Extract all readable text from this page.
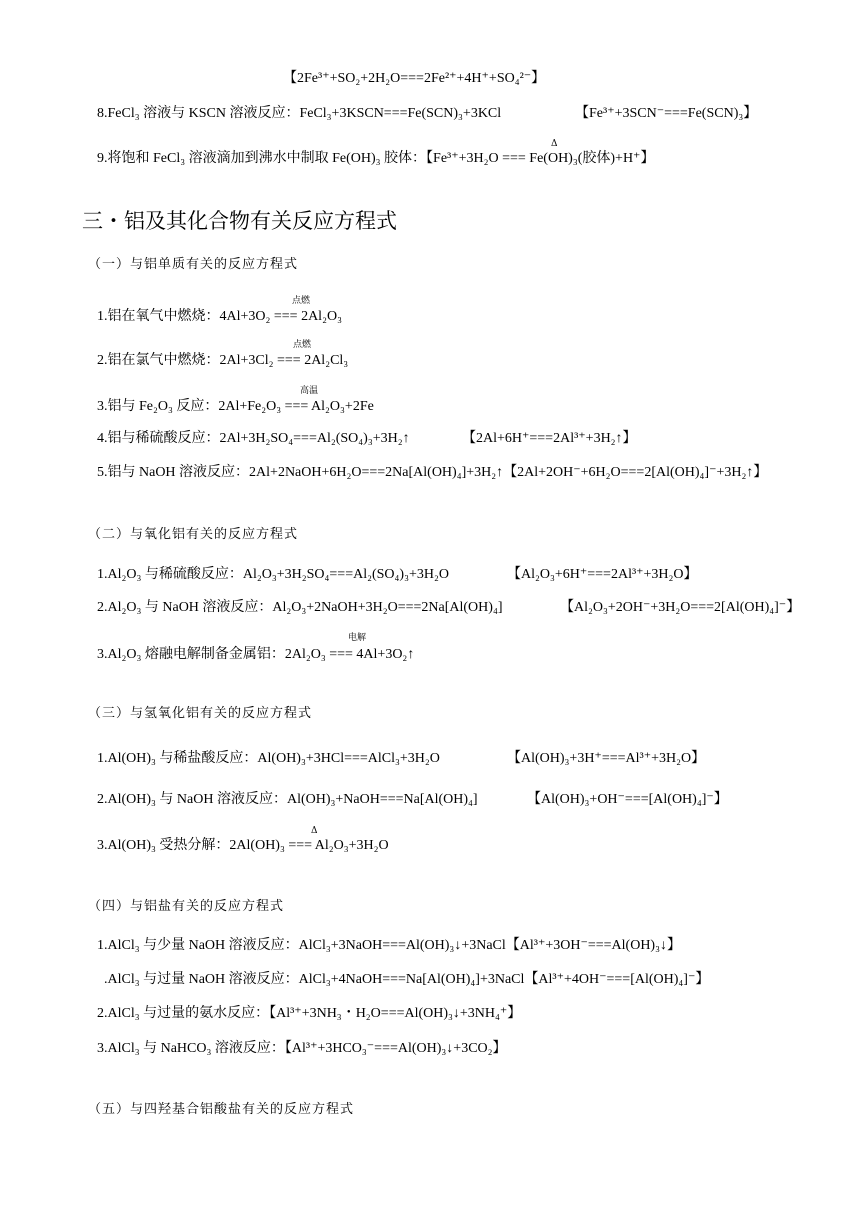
【2Fe³⁺+SO₂+2H₂O===2Fe²⁺+4H⁺+SO₄²⁻】
8.FeCl₃ 溶液与 KSCN 溶液反应：FeCl₃+3KSCN===Fe(SCN)₃+3KCl	【Fe³⁺+3SCN⁻===Fe(SCN)₃】
Δ
9.将饱和 FeCl₃ 溶液滴加到沸水中制取 Fe(OH)₃ 胶体：【Fe³⁺+3H₂O === Fe(OH)₃(胶体)+H⁺】
三・铝及其化合物有关反应方程式
（一）与铝单质有关的反应方程式
点燃
1.铝在氧气中燃烧：4Al+3O₂ === 2Al₂O₃
点燃
2.铝在氯气中燃烧：2Al+3Cl₂ === 2Al₂Cl₃
高温
3.铝与 Fe₂O₃ 反应：2Al+Fe₂O₃ === Al₂O₃+2Fe
4.铝与稀硫酸反应：2Al+3H₂SO₄===Al₂(SO₄)₃+3H₂↑	【2Al+6H⁺===2Al³⁺+3H₂↑】
5.铝与 NaOH 溶液反应：2Al+2NaOH+6H₂O===2Na[Al(OH)₄]+3H₂↑【2Al+2OH⁻+6H₂O===2[Al(OH)₄]⁻+3H₂↑】
（二）与氧化铝有关的反应方程式
1.Al₂O₃ 与稀硫酸反应：Al₂O₃+3H₂SO₄===Al₂(SO₄)₃+3H₂O	【Al₂O₃+6H⁺===2Al³⁺+3H₂O】
2.Al₂O₃ 与 NaOH 溶液反应：Al₂O₃+2NaOH+3H₂O===2Na[Al(OH)₄]	【Al₂O₃+2OH⁻+3H₂O===2[Al(OH)₄]⁻】
电解
3.Al₂O₃ 熔融电解制备金属铝：2Al₂O₃ === 4Al+3O₂↑
（三）与氢氧化铝有关的反应方程式
1.Al(OH)₃ 与稀盐酸反应：Al(OH)₃+3HCl===AlCl₃+3H₂O	【Al(OH)₃+3H⁺===Al³⁺+3H₂O】
2.Al(OH)₃ 与 NaOH 溶液反应：Al(OH)₃+NaOH===Na[Al(OH)₄]	【Al(OH)₃+OH⁻===[Al(OH)₄]⁻】
Δ
3.Al(OH)₃ 受热分解：2Al(OH)₃ === Al₂O₃+3H₂O
（四）与铝盐有关的反应方程式
1.AlCl₃ 与少量 NaOH 溶液反应：AlCl₃+3NaOH===Al(OH)₃↓+3NaCl【Al³⁺+3OH⁻===Al(OH)₃↓】
.AlCl₃ 与过量 NaOH 溶液反应：AlCl₃+4NaOH===Na[Al(OH)₄]+3NaCl【Al³⁺+4OH⁻===[Al(OH)₄]⁻】
2.AlCl₃ 与过量的氨水反应：【Al³⁺+3NH₃・H₂O===Al(OH)₃↓+3NH₄⁺】
3.AlCl₃ 与 NaHCO₃ 溶液反应：【Al³⁺+3HCO₃⁻===Al(OH)₃↓+3CO₂】
（五）与四羟基合铝酸盐有关的反应方程式
